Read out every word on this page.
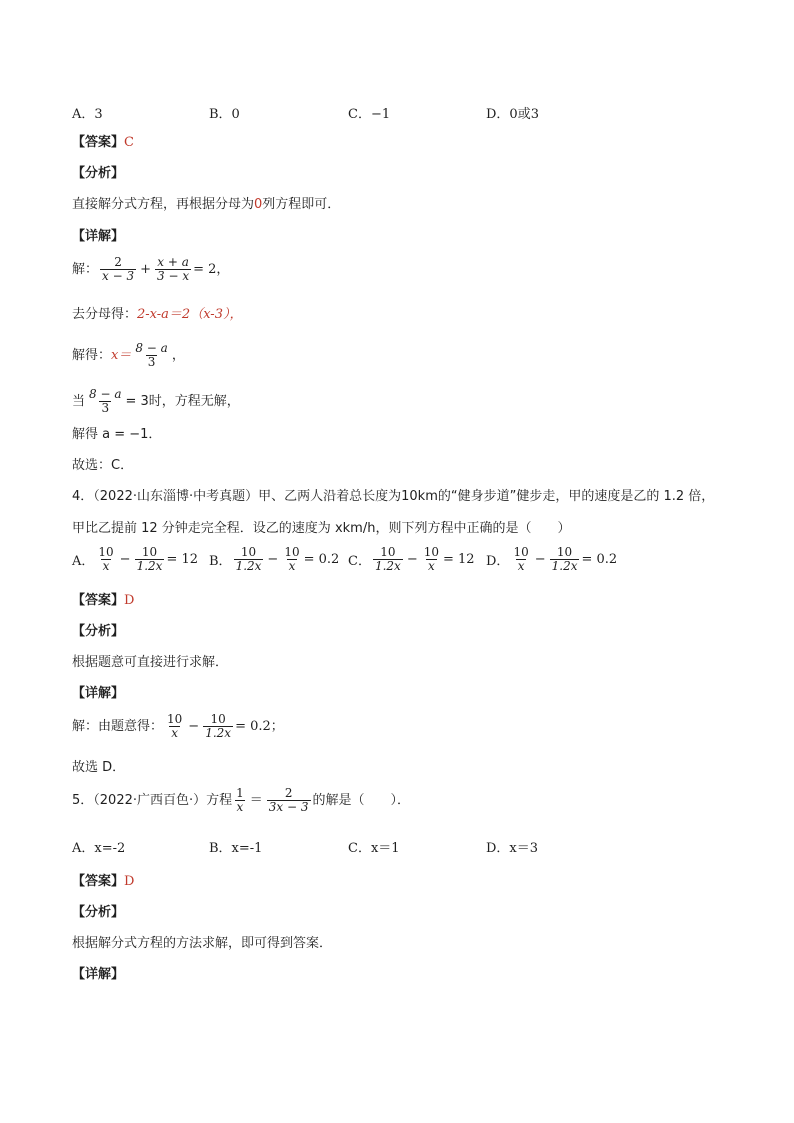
A．3	B．0	C．−1	D．0或3
【答案】C
【分析】
直接解分式方程，再根据分母为0列方程即可．
【详解】
解： $\frac{2}{x - 3} + \frac{x + a}{3 - x} = 2$，
去分母得：2-x-a＝2（x-3），
解得： $x= \frac{8 - a}{3}$ ，
当 $\frac{8 - a}{3} = 3$时，方程无解，
解得 a = −1．
故选：C．
4．（2022·山东淄博·中考真题）甲、乙两人沿着总长度为10km的“健身步道”健步走，甲的速度是乙的 1.2 倍，
甲比乙提前 12 分钟走完全程．设乙的速度为 xkm/h，则下列方程中正确的是（　　）
A． $\frac{10}{x} - \frac{10}{1.2x} = 12$ B． $\frac{10}{1.2x} - \frac{10}{x} = 0.2$ C． $\frac{10}{1.2x} - \frac{10}{x} = 12$ D． $\frac{10}{x} - \frac{10}{1.2x} = 0.2$
【答案】D
【分析】
根据题意可直接进行求解．
【详解】
解：由题意得： $\frac{10}{x} - \frac{10}{1.2x} = 0.2$；
故选 D．
5．（2022·广西百色·）方程 $\frac{1}{x} = \frac{2}{3x - 3}$ 的解是（　　）．
A．x=-2	B．x=-1	C．x＝1	D．x＝3
【答案】D
【分析】
根据解分式方程的方法求解，即可得到答案．
【详解】
